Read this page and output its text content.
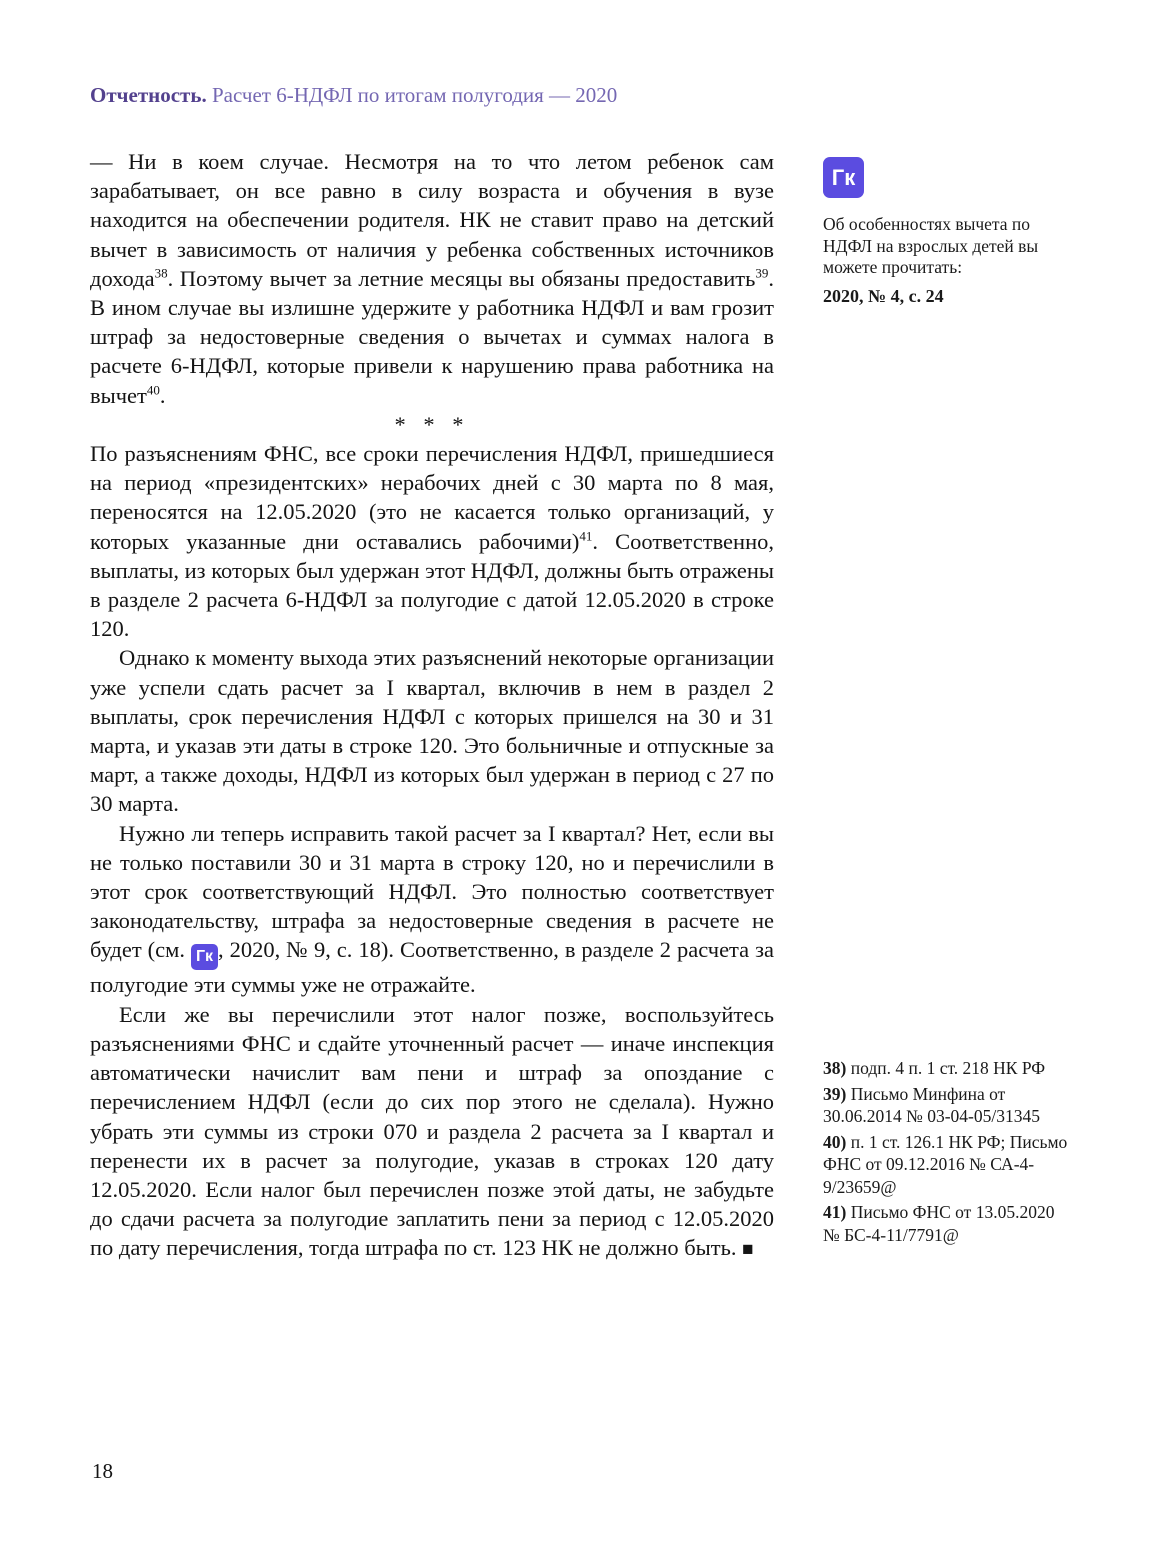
Отчетность. Расчет 6-НДФЛ по итогам полугодия — 2020

— Ни в коем случае. Несмотря на то что летом ребенок сам зарабатывает, он все равно в силу возраста и обучения в вузе находится на обеспечении родителя. НК не ставит право на детский вычет в зависимость от наличия у ребенка собственных источников дохода$^{38}$. Поэтому вычет за летние месяцы вы обязаны предоставить$^{39}$. В ином случае вы излишне удержите у работника НДФЛ и вам грозит штраф за недостоверные сведения о вычетах и суммах налога в расчете 6-НДФЛ, которые привели к нарушению права работника на вычет$^{40}$.

* * *

По разъяснениям ФНС, все сроки перечисления НДФЛ, пришедшиеся на период «президентских» нерабочих дней с 30 марта по 8 мая, переносятся на 12.05.2020 (это не касается только организаций, у которых указанные дни оставались рабочими)$^{41}$. Соответственно, выплаты, из которых был удержан этот НДФЛ, должны быть отражены в разделе 2 расчета 6-НДФЛ за полугодие с датой 12.05.2020 в строке 120.

Однако к моменту выхода этих разъяснений некоторые организации уже успели сдать расчет за I квартал, включив в нем в раздел 2 выплаты, срок перечисления НДФЛ с которых пришелся на 30 и 31 марта, и указав эти даты в строке 120. Это больничные и отпускные за март, а также доходы, НДФЛ из которых был удержан в период с 27 по 30 марта.

Нужно ли теперь исправить такой расчет за I квартал? Нет, если вы не только поставили 30 и 31 марта в строку 120, но и перечислили в этот срок соответствующий НДФЛ. Это полностью соответствует законодательству, штрафа за недостоверные сведения в расчете не будет (см. Гк , 2020, № 9, с. 18). Соответственно, в разделе 2 расчета за полугодие эти суммы уже не отражайте.

Если же вы перечислили этот налог позже, воспользуйтесь разъяснениями ФНС и сдайте уточненный расчет — иначе инспекция автоматически начислит вам пени и штраф за опоздание с перечислением НДФЛ (если до сих пор этого не сделала). Нужно убрать эти суммы из строки 070 и раздела 2 расчета за I квартал и перенести их в расчет за полугодие, указав в строках 120 дату 12.05.2020. Если налог был перечислен позже этой даты, не забудьте до сдачи расчета за полугодие заплатить пени за период с 12.05.2020 по дату перечисления, тогда штрафа по ст. 123 НК не должно быть. ■

Гк
Об особенностях вычета по НДФЛ на взрослых детей вы можете прочитать:
2020, № 4, с. 24

38) подп. 4 п. 1 ст. 218 НК РФ

39) Письмо Минфина от 30.06.2014 № 03-04-05/31345

40) п. 1 ст. 126.1 НК РФ; Письмо ФНС от 09.12.2016 № СА-4-9/23659@

41) Письмо ФНС от 13.05.2020 № БС-4-11/7791@

18
